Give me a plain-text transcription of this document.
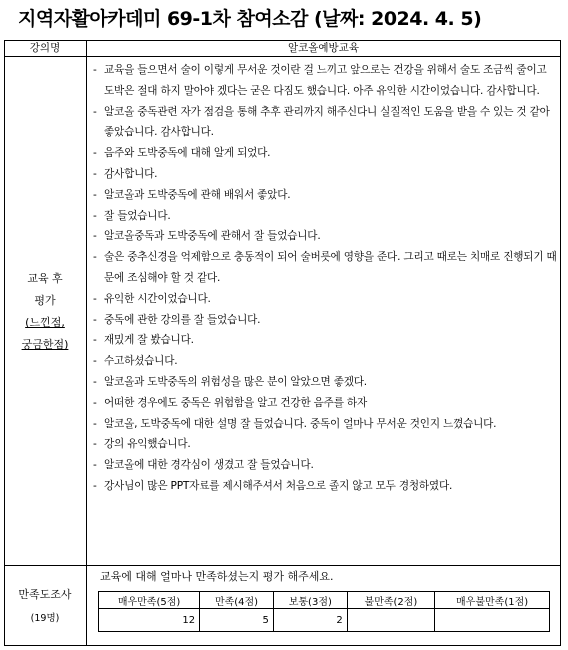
지역자활아카데미 69-1차 참여소감 (날짜: 2024. 4. 5)
강의명	알코올예방교육
교육 후
평가
(느낀점,
궁금한점)
- 교육을 들으면서 술이 이렇게 무서운 것이란 걸 느끼고 앞으로는 건강을 위해서 술도 조금씩 줄이고 도박은 절대 하지 말아야 겠다는 굳은 다짐도 했습니다. 아주 유익한 시간이었습니다. 감사합니다.
- 알코올 중독관련 자가 점검을 통해 추후 관리까지 해주신다니 실질적인 도움을 받을 수 있는 것 같아 좋았습니다. 감사합니다.
- 음주와 도박중독에 대해 알게 되었다.
- 감사합니다.
- 알코올과 도박중독에 관해 배워서 좋았다.
- 잘 들었습니다.
- 알코올중독과 도박중독에 관해서 잘 들었습니다.
- 술은 중추신경을 억제함으로 충동적이 되어 술버릇에 영향을 준다. 그리고 때로는 치매로 진행되기 때문에 조심해야 할 것 같다.
- 유익한 시간이었습니다.
- 중독에 관한 강의를 잘 들었습니다.
- 재밌게 잘 봤습니다.
- 수고하셨습니다.
- 알코올과 도박중독의 위험성을 많은 분이 알았으면 좋겠다.
- 어떠한 경우에도 중독은 위험함을 알고 건강한 음주를 하자
- 알코올, 도박중독에 대한 설명 잘 들었습니다. 중독이 얼마나 무서운 것인지 느꼈습니다.
- 강의 유익했습니다.
- 알코올에 대한 경각심이 생겼고 잘 들었습니다.
- 강사님이 많은 PPT자료를 제시해주셔서 처음으로 졸지 않고 모두 경청하였다.
만족도조사
(19명)
교육에 대해 얼마나 만족하셨는지 평가 해주세요.
매우만족(5점)	만족(4점)	보통(3점)	불만족(2점)	매우불만족(1점)
12	5	2		
